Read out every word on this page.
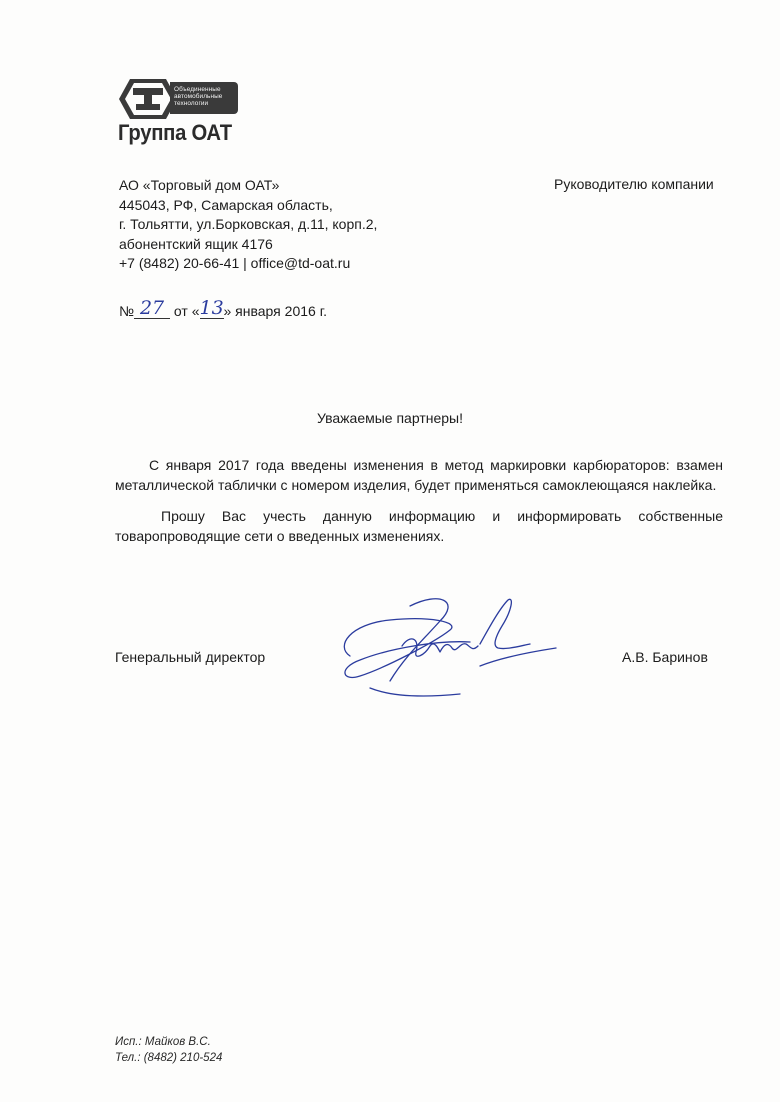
Объединенные
автомобильные
технологии
Группа ОАТ
АО «Торговый дом ОАТ»
445043, РФ, Самарская область,
г. Тольятти, ул.Борковская, д.11, корп.2,
абонентский ящик 4176
+7 (8482) 20-66-41 | office@td-oat.ru
Руководителю компании
№ 27 от «13» января 2016 г.
Уважаемые партнеры!

С января 2017 года введены изменения в метод маркировки карбюраторов: взамен металлической таблички с номером изделия, будет применяться самоклеющаяся наклейка.

Прошу Вас учесть данную информацию и информировать собственные товаропроводящие сети о введенных изменениях.

Генеральный директор	А.В. Баринов
Исп.: Майков В.С.
Тел.: (8482) 210-524
